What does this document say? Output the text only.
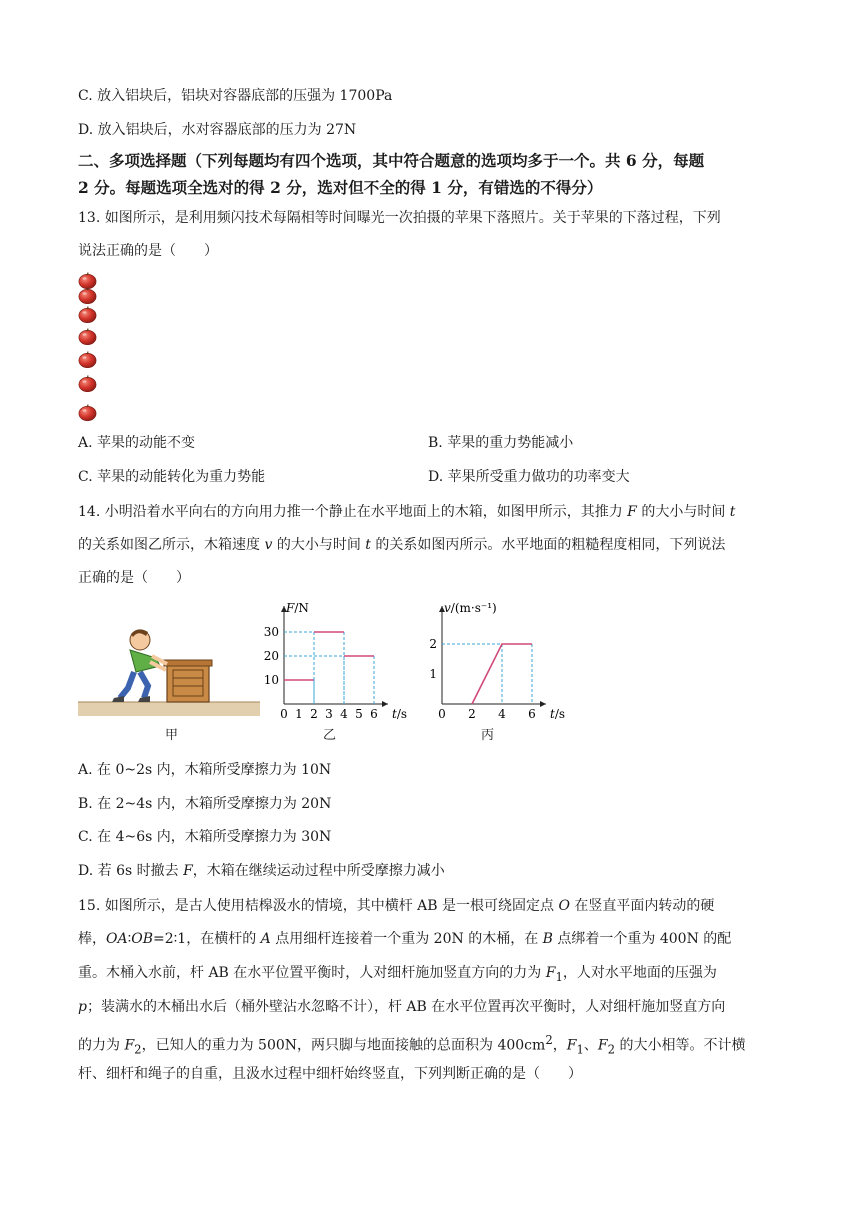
C. 放入铝块后，铝块对容器底部的压强为 1700Pa
D. 放入铝块后，水对容器底部的压力为 27N
二、多项选择题（下列每题均有四个选项，其中符合题意的选项均多于一个。共 6 分，每题
2 分。每题选项全选对的得 2 分，选对但不全的得 1 分，有错选的不得分）
13. 如图所示，是利用频闪技术每隔相等时间曝光一次拍摄的苹果下落照片。关于苹果的下落过程，下列
说法正确的是（　　）
A. 苹果的动能不变	B. 苹果的重力势能减小
C. 苹果的动能转化为重力势能	D. 苹果所受重力做功的功率变大
14. 小明沿着水平向右的方向用力推一个静止在水平地面上的木箱，如图甲所示，其推力 F 的大小与时间 t
的关系如图乙所示，木箱速度 v 的大小与时间 t 的关系如图丙所示。水平地面的粗糙程度相同，下列说法
正确的是（　　）
F/N
t/s
0 1 2 3 4 5 6
10
20
30
v/(m·s⁻¹)
t/s
0 2 4 6
1
2
甲	乙	丙
A. 在 0~2s 内，木箱所受摩擦力为 10N
B. 在 2~4s 内，木箱所受摩擦力为 20N
C. 在 4~6s 内，木箱所受摩擦力为 30N
D. 若 6s 时撤去 F，木箱在继续运动过程中所受摩擦力减小
15. 如图所示，是古人使用桔槔汲水的情境，其中横杆 AB 是一根可绕固定点 O 在竖直平面内转动的硬
棒，OA∶OB=2∶1，在横杆的 A 点用细杆连接着一个重为 20N 的木桶，在 B 点绑着一个重为 400N 的配
重。木桶入水前，杆 AB 在水平位置平衡时，人对细杆施加竖直方向的力为 $F_1$，人对水平地面的压强为
p；装满水的木桶出水后（桶外壁沾水忽略不计），杆 AB 在水平位置再次平衡时，人对细杆施加竖直方向
的力为 $F_2$，已知人的重力为 500N，两只脚与地面接触的总面积为 $400cm^2$，$F_1$、$F_2$ 的大小相等。不计横
杆、细杆和绳子的自重，且汲水过程中细杆始终竖直，下列判断正确的是（　　）
